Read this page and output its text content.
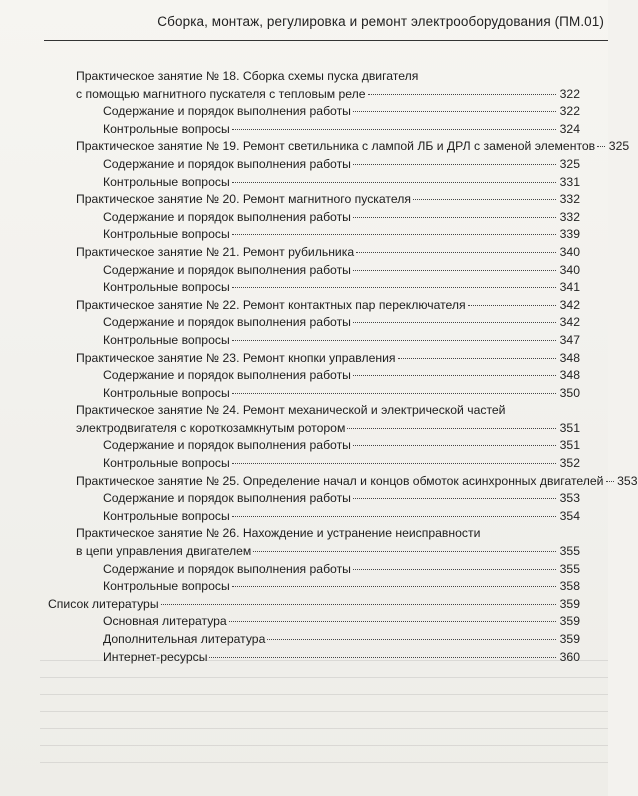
Сборка, монтаж, регулировка и ремонт электрооборудования (ПМ.01)
Практическое занятие № 18. Сборка схемы пуска двигателя
с помощью магнитного пускателя с тепловым реле	322
Содержание и порядок выполнения работы	322
Контрольные вопросы	324
Практическое занятие № 19. Ремонт светильника с лампой ЛБ и ДРЛ с заменой элементов 325
Содержание и порядок выполнения работы	325
Контрольные вопросы	331
Практическое занятие № 20. Ремонт магнитного пускателя	332
Содержание и порядок выполнения работы	332
Контрольные вопросы	339
Практическое занятие № 21. Ремонт рубильника	340
Содержание и порядок выполнения работы	340
Контрольные вопросы	341
Практическое занятие № 22. Ремонт контактных пар переключателя	342
Содержание и порядок выполнения работы	342
Контрольные вопросы	347
Практическое занятие № 23. Ремонт кнопки управления	348
Содержание и порядок выполнения работы	348
Контрольные вопросы	350
Практическое занятие № 24. Ремонт механической и электрической частей
электродвигателя с короткозамкнутым ротором	351
Содержание и порядок выполнения работы	351
Контрольные вопросы	352
Практическое занятие № 25. Определение начал и концов обмоток асинхронных двигателей 353
Содержание и порядок выполнения работы	353
Контрольные вопросы	354
Практическое занятие № 26. Нахождение и устранение неисправности
в цепи управления двигателем	355
Содержание и порядок выполнения работы	355
Контрольные вопросы	358
Список литературы	359
Основная литература	359
Дополнительная литература	359
Интернет-ресурсы	360
